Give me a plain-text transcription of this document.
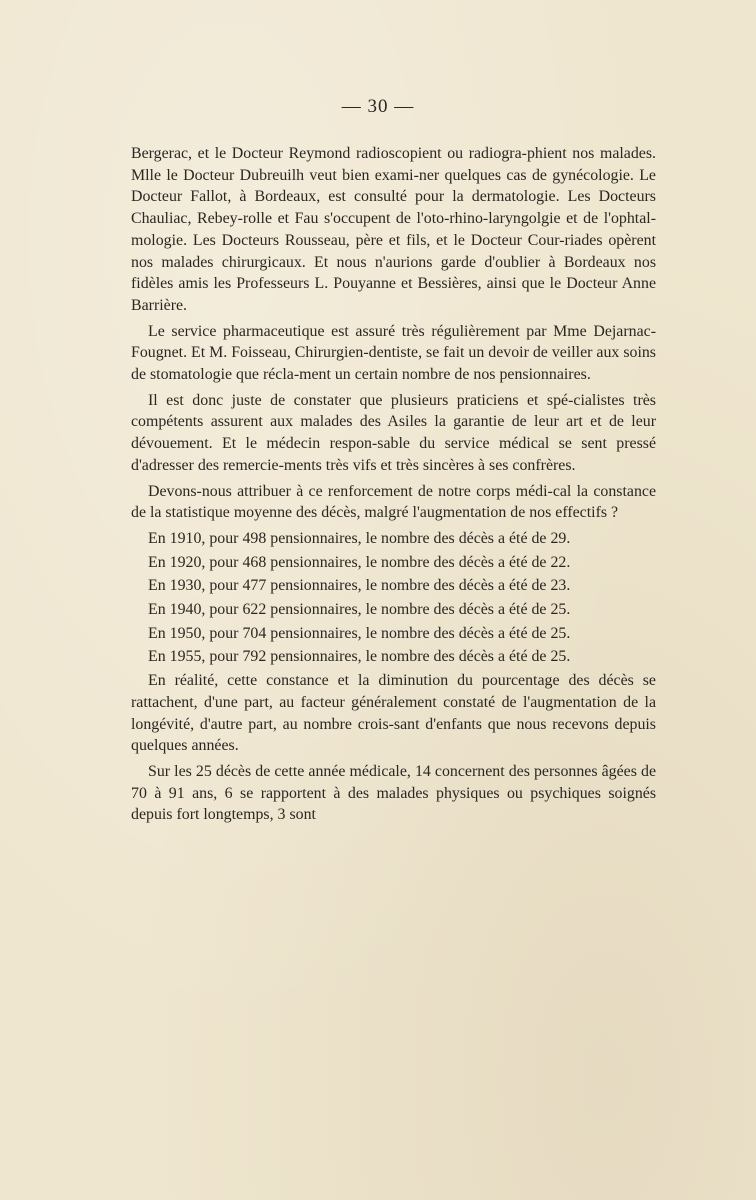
— 30 —

Bergerac, et le Docteur Reymond radioscopient ou radiogra-phient nos malades. Mlle le Docteur Dubreuilh veut bien exami-ner quelques cas de gynécologie. Le Docteur Fallot, à Bordeaux, est consulté pour la dermatologie. Les Docteurs Chauliac, Rebey-rolle et Fau s'occupent de l'oto-rhino-laryngolgie et de l'ophtal-mologie. Les Docteurs Rousseau, père et fils, et le Docteur Cour-riades opèrent nos malades chirurgicaux. Et nous n'aurions garde d'oublier à Bordeaux nos fidèles amis les Professeurs L. Pouyanne et Bessières, ainsi que le Docteur Anne Barrière.

Le service pharmaceutique est assuré très régulièrement par Mme Dejarnac-Fougnet. Et M. Foisseau, Chirurgien-dentiste, se fait un devoir de veiller aux soins de stomatologie que récla-ment un certain nombre de nos pensionnaires.

Il est donc juste de constater que plusieurs praticiens et spé-cialistes très compétents assurent aux malades des Asiles la garantie de leur art et de leur dévouement. Et le médecin respon-sable du service médical se sent pressé d'adresser des remercie-ments très vifs et très sincères à ses confrères.

Devons-nous attribuer à ce renforcement de notre corps médi-cal la constance de la statistique moyenne des décès, malgré l'augmentation de nos effectifs ?

En 1910, pour 498 pensionnaires, le nombre des décès a été de 29.

En 1920, pour 468 pensionnaires, le nombre des décès a été de 22.

En 1930, pour 477 pensionnaires, le nombre des décès a été de 23.

En 1940, pour 622 pensionnaires, le nombre des décès a été de 25.

En 1950, pour 704 pensionnaires, le nombre des décès a été de 25.

En 1955, pour 792 pensionnaires, le nombre des décès a été de 25.

En réalité, cette constance et la diminution du pourcentage des décès se rattachent, d'une part, au facteur généralement constaté de l'augmentation de la longévité, d'autre part, au nombre crois-sant d'enfants que nous recevons depuis quelques années.

Sur les 25 décès de cette année médicale, 14 concernent des personnes âgées de 70 à 91 ans, 6 se rapportent à des malades physiques ou psychiques soignés depuis fort longtemps, 3 sont
